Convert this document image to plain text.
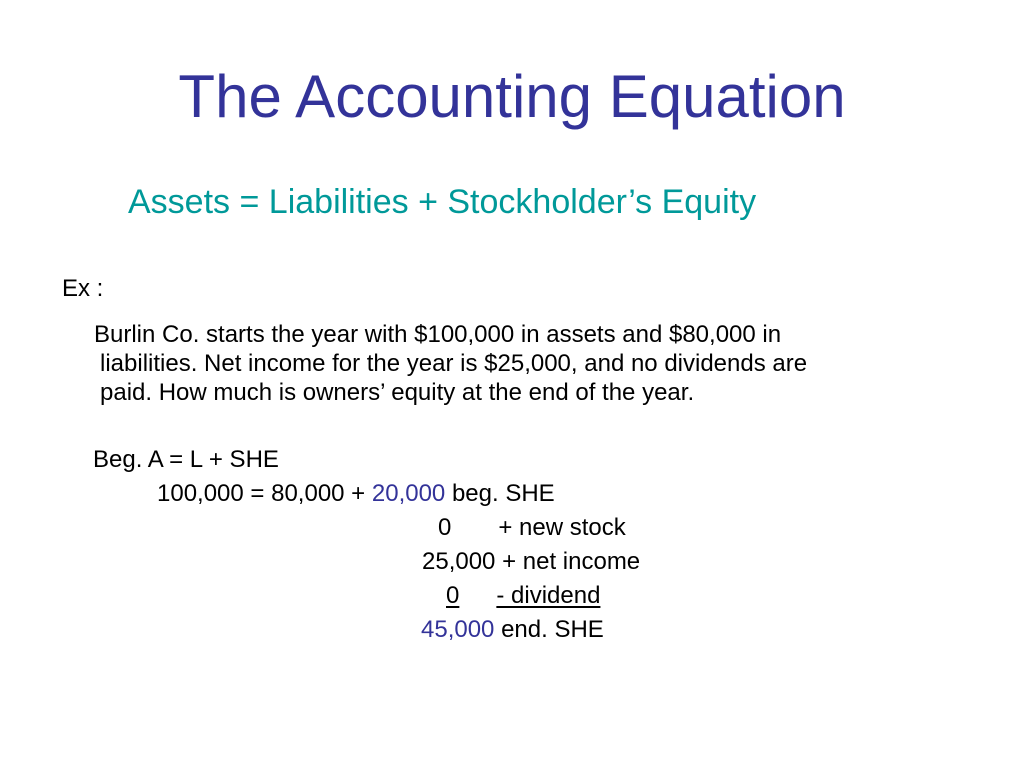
The Accounting Equation
Assets = Liabilities + Stockholder’s Equity
Ex :
Burlin Co. starts the year with $100,000 in assets and $80,000 in
liabilities. Net income for the year is $25,000, and no dividends are
paid. How much is owners’ equity at the end of the year.
Beg. A = L + SHE
100,000 = 80,000 + 20,000 beg. SHE
0 + new stock
25,000 + net income
0 - dividend
45,000 end. SHE
